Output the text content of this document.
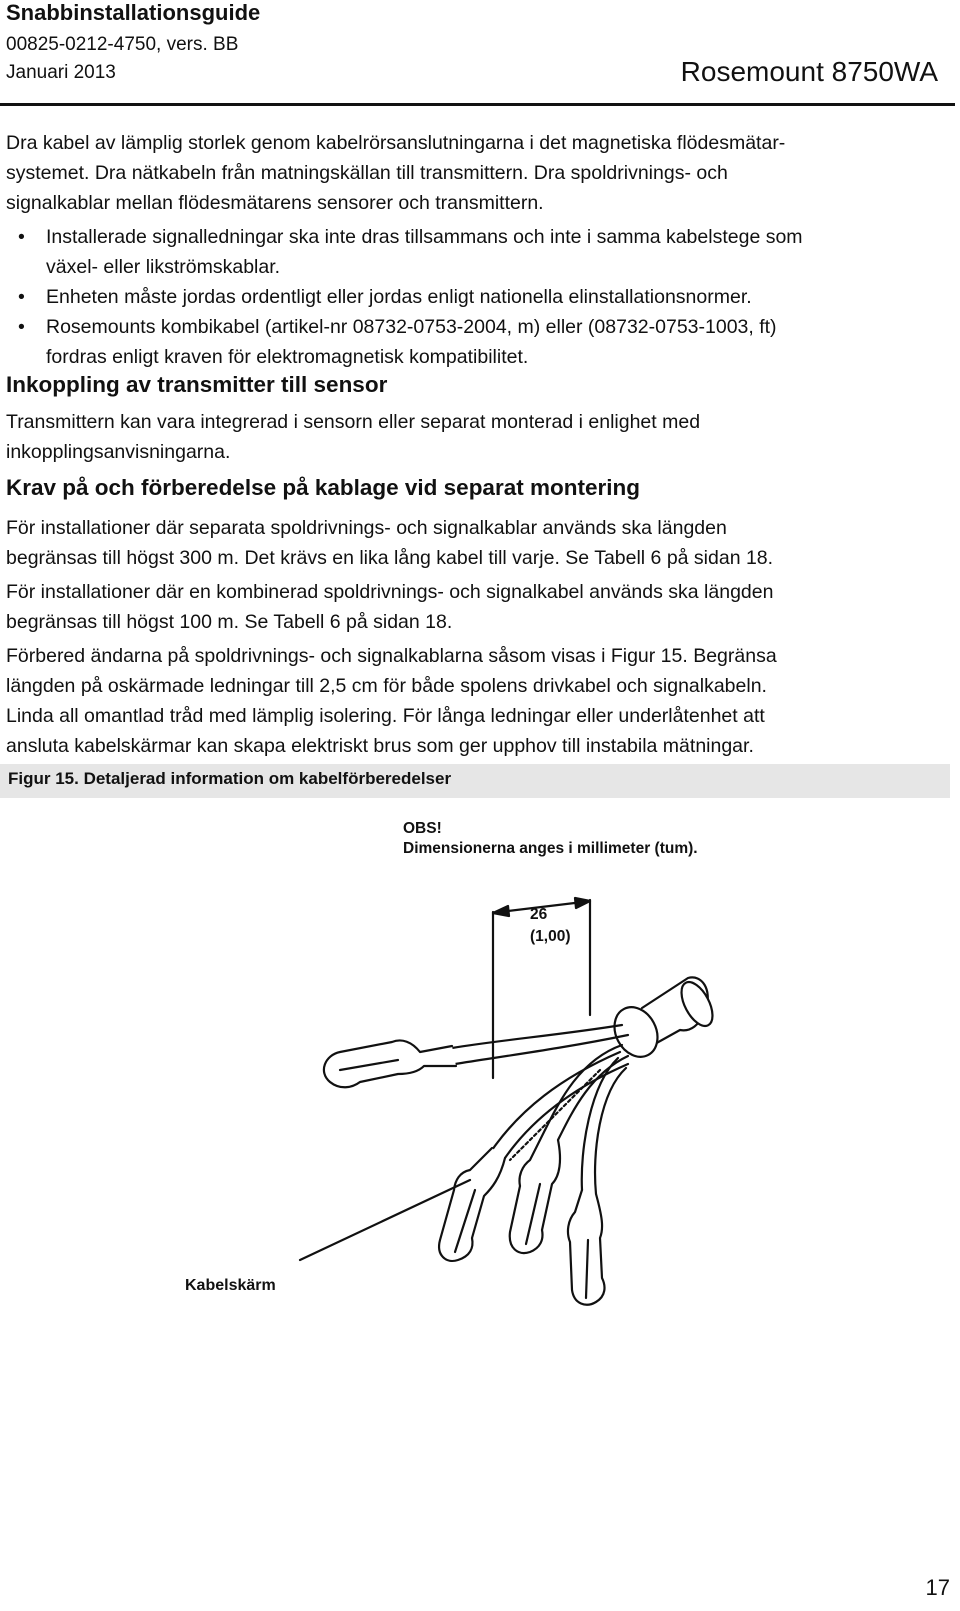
Snabbinstallationsguide
00825-0212-4750, vers. BB
Januari 2013	Rosemount 8750WA
Dra kabel av lämplig storlek genom kabelrörsanslutningarna i det magnetiska flödesmätar-
systemet. Dra nätkabeln från matningskällan till transmittern. Dra spoldrivnings- och
signalkablar mellan flödesmätarens sensorer och transmittern.
•	Installerade signalledningar ska inte dras tillsammans och inte i samma kabelstege som
växel- eller likströmskablar.
•	Enheten måste jordas ordentligt eller jordas enligt nationella elinstallationsnormer.
•	Rosemounts kombikabel (artikel-nr 08732-0753-2004, m) eller (08732-0753-1003, ft)
fordras enligt kraven för elektromagnetisk kompatibilitet.
Inkoppling av transmitter till sensor
Transmittern kan vara integrerad i sensorn eller separat monterad i enlighet med
inkopplingsanvisningarna.
Krav på och förberedelse på kablage vid separat montering
För installationer där separata spoldrivnings- och signalkablar används ska längden
begränsas till högst 300 m. Det krävs en lika lång kabel till varje. Se Tabell 6 på sidan 18.
För installationer där en kombinerad spoldrivnings- och signalkabel används ska längden
begränsas till högst 100 m. Se Tabell 6 på sidan 18.
Förbered ändarna på spoldrivnings- och signalkablarna såsom visas i Figur 15. Begränsa
längden på oskärmade ledningar till 2,5 cm för både spolens drivkabel och signalkabeln.
Linda all omantlad tråd med lämplig isolering. För långa ledningar eller underlåtenhet att
ansluta kabelskärmar kan skapa elektriskt brus som ger upphov till instabila mätningar.
Figur 15. Detaljerad information om kabelförberedelser
OBS!
Dimensionerna anges i millimeter (tum).
26
(1,00)
Kabelskärm
17
